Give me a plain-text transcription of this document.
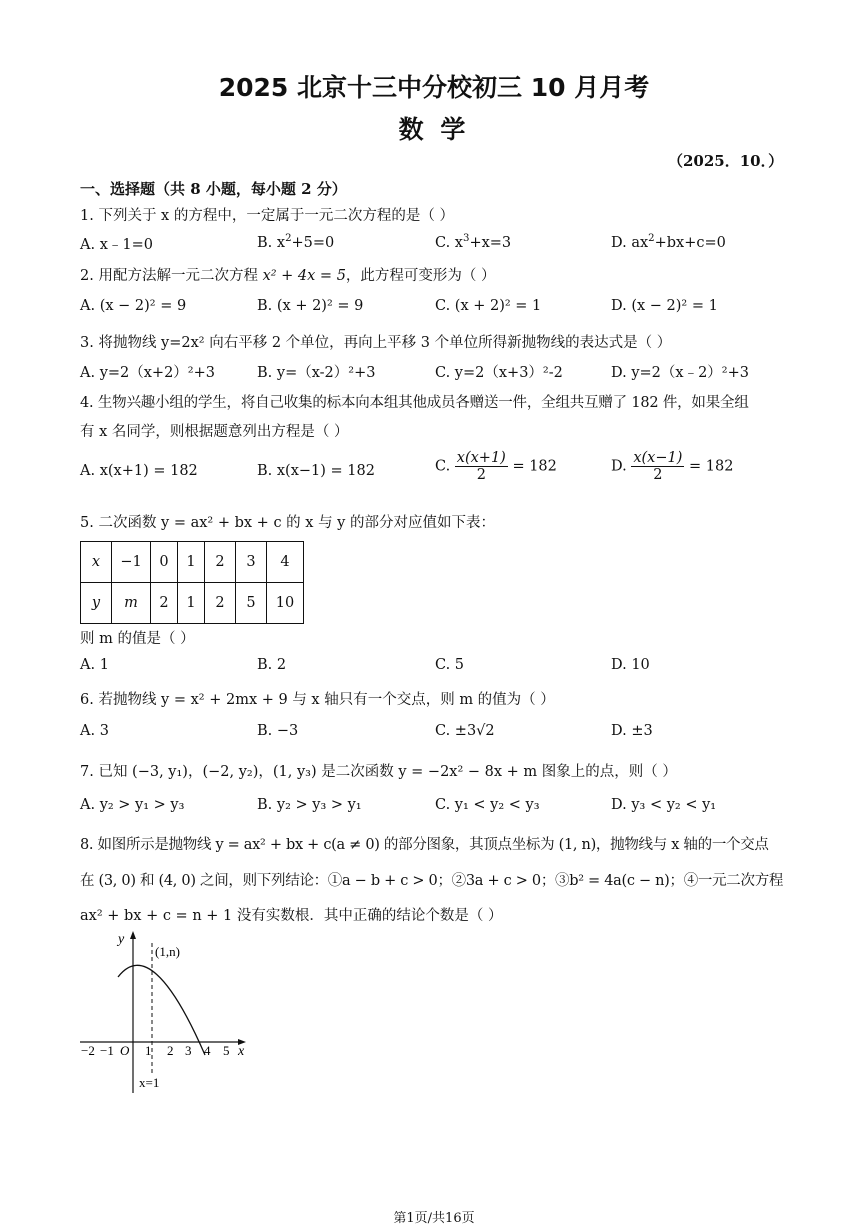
2025 北京十三中分校初三 10 月月考
数 学
（2025．10．）
一、选择题（共 8 小题，每小题 2 分）
1. 下列关于 x 的方程中，一定属于一元二次方程的是（ ）
A. x﹣1=0	B. $x^2+5=0$	C. $x^3+x=3$	D. $ax^2+bx+c=0$
2. 用配方法解一元二次方程 x² + 4x = 5，此方程可变形为（ ）
A. (x − 2)² = 9	B. (x + 2)² = 9	C. (x + 2)² = 1	D. (x − 2)² = 1
3. 将抛物线 y=2x² 向右平移 2 个单位，再向上平移 3 个单位所得新抛物线的表达式是（ ）
A. y=2（x+2）²+3	B. y=（x-2）²+3	C. y=2（x+3）²-2	D. y=2（x﹣2）²+3
4. 生物兴趣小组的学生，将自己收集的标本向本组其他成员各赠送一件，全组共互赠了 182 件，如果全组
有 x 名同学，则根据题意列出方程是（ ）
A. x(x+1) = 182	B. x(x−1) = 182	C. $\frac{x(x+1)}{2} = 182$	D. $\frac{x(x-1)}{2} = 182$
5. 二次函数 y = ax² + bx + c 的 x 与 y 的部分对应值如下表：
x	−1	0	1	2	3	4
y	m	2	1	2	5	10
则 m 的值是（ ）
A. 1	B. 2	C. 5	D. 10
6. 若抛物线 y = x² + 2mx + 9 与 x 轴只有一个交点，则 m 的值为（ ）
A. 3	B. −3	C. ±3√2	D. ±3
7. 已知 (−3, y₁)，(−2, y₂)，(1, y₃) 是二次函数 y = −2x² − 8x + m 图象上的点，则（ ）
A. y₂ > y₁ > y₃	B. y₂ > y₃ > y₁	C. y₁ < y₂ < y₃	D. y₃ < y₂ < y₁
8. 如图所示是抛物线 y = ax² + bx + c(a ≠ 0) 的部分图象，其顶点坐标为 (1, n)，抛物线与 x 轴的一个交点
在 (3, 0) 和 (4, 0) 之间，则下列结论：①a − b + c > 0；②3a + c > 0；③b² = 4a(c − n)；④一元二次方程
ax² + bx + c = n + 1 没有实数根．其中正确的结论个数是（ ）
y
x
(1,n)
O
−2 −1 1 2 3 4 5
x=1
第1页/共16页
